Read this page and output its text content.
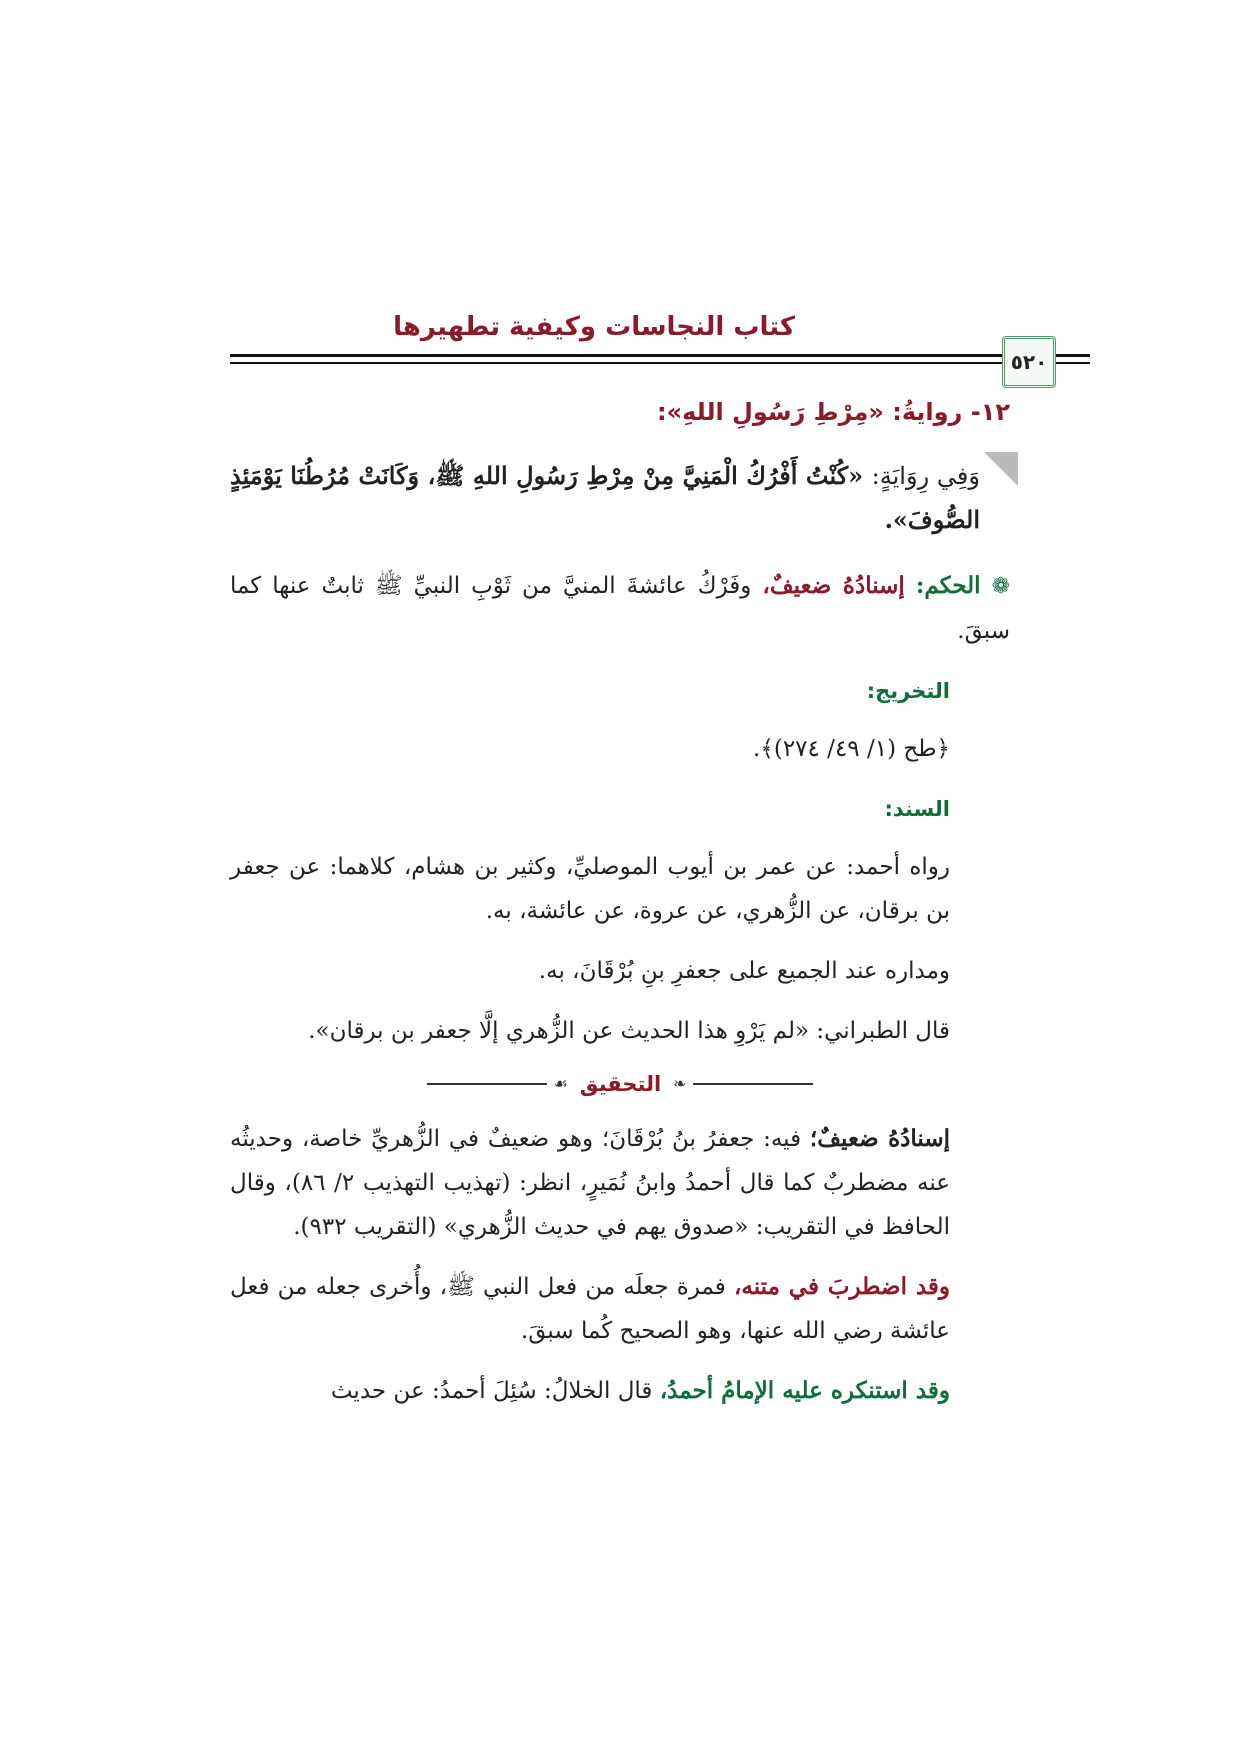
كتاب النجاسات وكيفية تطهيرها
٥٢٠
١٢- روايةُ: «مِرْطِ رَسُولِ اللهِ»:
وَفِي رِوَايَةٍ: «كُنْتُ أَفْرُكُ الْمَنِيَّ مِنْ مِرْطِ رَسُولِ اللهِ ﷺ، وَكَانَتْ مُرُطُنَا يَوْمَئِذٍ الصُّوفَ».
❁ الحكم: إسنادُهُ ضعيفٌ، وفَرْكُ عائشةَ المنيَّ من ثَوْبِ النبيِّ ﷺ ثابتٌ عنها كما سبقَ.
التخريج:
﴿طح (١/ ٤٩/ ٢٧٤)﴾.
السند:
رواه أحمد: عن عمر بن أيوب الموصليِّ، وكثير بن هشام، كلاهما: عن جعفر بن برقان، عن الزُّهري، عن عروة، عن عائشة، به.
ومداره عند الجميع على جعفرِ بنِ بُرْقَانَ، به.
قال الطبراني: «لم يَرْوِ هذا الحديث عن الزُّهري إلَّا جعفر بن برقان».
❧
التحقيق
☙
إسنادُهُ ضعيفٌ؛ فيه: جعفرُ بنُ بُرْقَانَ؛ وهو ضعيفٌ في الزُّهريِّ خاصة، وحديثُه عنه مضطربٌ كما قال أحمدُ وابنُ نُمَيرٍ، انظر: (تهذيب التهذيب ٢/ ٨٦)، وقال الحافظ في التقريب: «صدوق يهم في حديث الزُّهري» (التقريب ٩٣٢).
وقد اضطربَ في متنه، فمرة جعلَه من فعل النبي ﷺ، وأُخرى جعله من فعل عائشة رضي الله عنها، وهو الصحيح كُما سبقَ.
وقد استنكره عليه الإمامُ أحمدُ، قال الخلالُ: سُئِلَ أحمدُ: عن حديث
